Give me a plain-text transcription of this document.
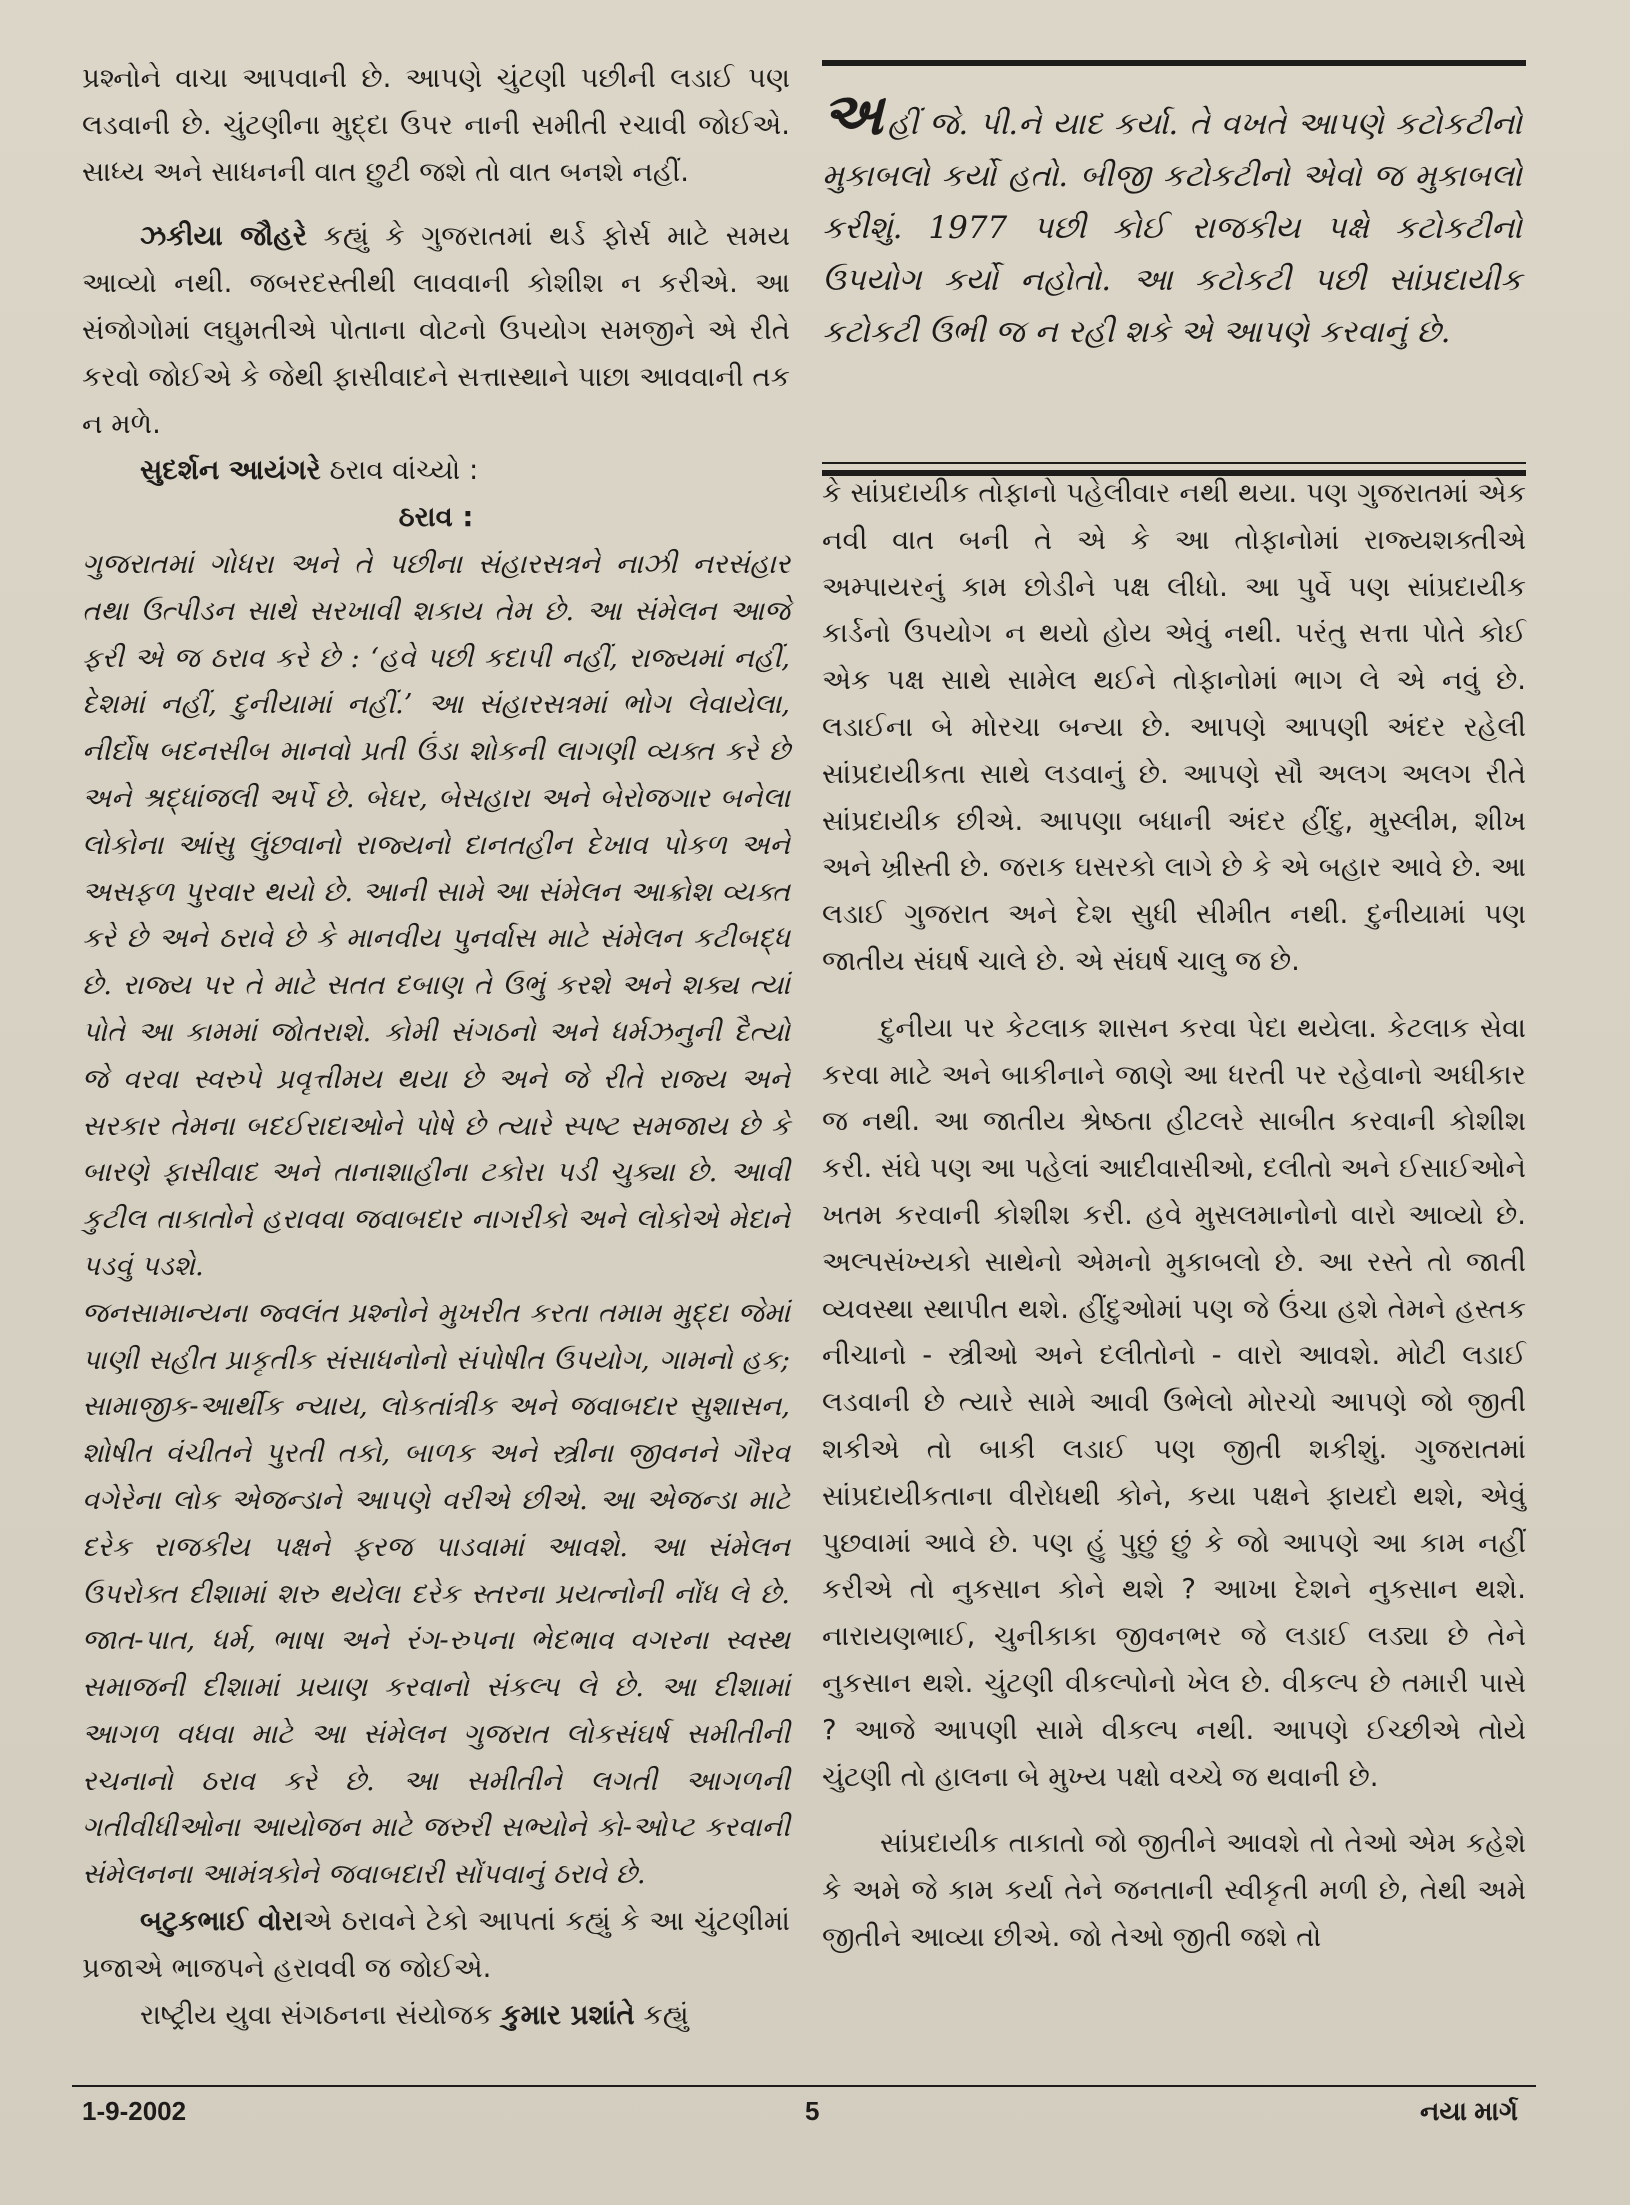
પ્રશ્નોને વાચા આપવાની છે. આપણે ચુંટણી પછીની લડાઈ પણ લડવાની છે. ચુંટણીના મુદ્દા ઉપર નાની સમીતી રચાવી જોઈએ. સાધ્ય અને સાધનની વાત છુટી જશે તો વાત બનશે નહીં.

ઝકીયા જૌહરે કહ્યું કે ગુજરાતમાં થર્ડ ફોર્સ માટે સમય આવ્યો નથી. જબરદસ્તીથી લાવવાની કોશીશ ન કરીએ. આ સંજોગોમાં લઘુમતીએ પોતાના વોટનો ઉપયોગ સમજીને એ રીતે કરવો જોઈએ કે જેથી ફાસીવાદને સત્તાસ્થાને પાછા આવવાની તક ન મળે.

સુદર્શન આયંગરે ઠરાવ વાંચ્યો :

ઠરાવ :

ગુજરાતમાં ગોધરા અને તે પછીના સંહારસત્રને નાઝી નરસંહાર તથા ઉત્પીડન સાથે સરખાવી શકાય તેમ છે. આ સંમેલન આજે ફરી એ જ ઠરાવ કરે છે : ‘હવે પછી કદાપી નહીં, રાજ્યમાં નહીં, દેશમાં નહીં, દુનીયામાં નહીં.’ આ સંહારસત્રમાં ભોગ લેવાયેલા, નીર્દોષ બદનસીબ માનવો પ્રતી ઉંડા શોકની લાગણી વ્યક્ત કરે છે અને શ્રદ્ધાંજલી અર્પે છે. બેઘર, બેસહારા અને બેરોજગાર બનેલા લોકોના આંસુ લુંછવાનો રાજ્યનો દાનતહીન દેખાવ પોકળ અને અસફળ પુરવાર થયો છે. આની સામે આ સંમેલન આક્રોશ વ્યક્ત કરે છે અને ઠરાવે છે કે માનવીય પુનર્વાસ માટે સંમેલન કટીબદ્ધ છે. રાજ્ય પર તે માટે સતત દબાણ તે ઉભું કરશે અને શક્ય ત્યાં પોતે આ કામમાં જોતરાશે. કોમી સંગઠનો અને ધર્મઝનુની દૈત્યો જે વરવા સ્વરુપે પ્રવૃત્તીમય થયા છે અને જે રીતે રાજ્ય અને સરકાર તેમના બદઈરાદાઓને પોષે છે ત્યારે સ્પષ્ટ સમજાય છે કે બારણે ફાસીવાદ અને તાનાશાહીના ટકોરા પડી ચુક્યા છે. આવી કુટીલ તાકાતોને હરાવવા જવાબદાર નાગરીકો અને લોકોએ મેદાને પડવું પડશે.

જનસામાન્યના જ્વલંત પ્રશ્નોને મુખરીત કરતા તમામ મુદ્દા જેમાં પાણી સહીત પ્રાકૃતીક સંસાધનોનો સંપોષીત ઉપયોગ, ગામનો હક; સામાજીક-આર્થીક ન્યાય, લોકતાંત્રીક અને જવાબદાર સુશાસન, શોષીત વંચીતને પુરતી તકો, બાળક અને સ્ત્રીના જીવનને ગૌરવ વગેરેના લોક એજન્ડાને આપણે વરીએ છીએ. આ એજન્ડા માટે દરેક રાજકીય પક્ષને ફરજ પાડવામાં આવશે. આ સંમેલન ઉપરોક્ત દીશામાં શરુ થયેલા દરેક સ્તરના પ્રયત્નોની નોંધ લે છે. જાત-પાત, ધર્મ, ભાષા અને રંગ-રુપના ભેદભાવ વગરના સ્વસ્થ સમાજની દીશામાં પ્રયાણ કરવાનો સંકલ્પ લે છે. આ દીશામાં આગળ વધવા માટે આ સંમેલન ગુજરાત લોકસંઘર્ષ સમીતીની રચનાનો ઠરાવ કરે છે. આ સમીતીને લગતી આગળની ગતીવીધીઓના આયોજન માટે જરુરી સભ્યોને કો-ઓપ્ટ કરવાની સંમેલનના આમંત્રકોને જવાબદારી સોંપવાનું ઠરાવે છે.

બટુકભાઈ વોરાએ ઠરાવને ટેકો આપતાં કહ્યું કે આ ચુંટણીમાં પ્રજાએ ભાજપને હરાવવી જ જોઈએ.

રાષ્ટ્રીય યુવા સંગઠનના સંયોજક કુમાર પ્રશાંતે કહ્યું

અહીં જે. પી.ને યાદ કર્યા. તે વખતે આપણે કટોકટીનો મુકાબલો કર્યો હતો. બીજી કટોકટીનો એવો જ મુકાબલો કરીશું. 1977 પછી કોઈ રાજકીય પક્ષે કટોકટીનો ઉપયોગ કર્યો નહોતો. આ કટોકટી પછી સાંપ્રદાયીક કટોકટી ઉભી જ ન રહી શકે એ આપણે કરવાનું છે.

કે સાંપ્રદાયીક તોફાનો પહેલીવાર નથી થયા. પણ ગુજરાતમાં એક નવી વાત બની તે એ કે આ તોફાનોમાં રાજ્યશક્તીએ અમ્પાયરનું કામ છોડીને પક્ષ લીધો. આ પુર્વે પણ સાંપ્રદાયીક કાર્ડનો ઉપયોગ ન થયો હોય એવું નથી. પરંતુ સત્તા પોતે કોઈ એક પક્ષ સાથે સામેલ થઈને તોફાનોમાં ભાગ લે એ નવું છે. લડાઈના બે મોરચા બન્યા છે. આપણે આપણી અંદર રહેલી સાંપ્રદાયીકતા સાથે લડવાનું છે. આપણે સૌ અલગ અલગ રીતે સાંપ્રદાયીક છીએ. આપણા બધાની અંદર હીંદુ, મુસ્લીમ, શીખ અને ખ્રીસ્તી છે. જરાક ઘસરકો લાગે છે કે એ બહાર આવે છે. આ લડાઈ ગુજરાત અને દેશ સુધી સીમીત નથી. દુનીયામાં પણ જાતીય સંઘર્ષ ચાલે છે. એ સંઘર્ષ ચાલુ જ છે.

દુનીયા પર કેટલાક શાસન કરવા પેદા થયેલા. કેટલાક સેવા કરવા માટે અને બાકીનાને જાણે આ ધરતી પર રહેવાનો અધીકાર જ નથી. આ જાતીય શ્રેષ્ઠતા હીટલરે સાબીત કરવાની કોશીશ કરી. સંઘે પણ આ પહેલાં આદીવાસીઓ, દલીતો અને ઈસાઈઓને ખતમ કરવાની કોશીશ કરી. હવે મુસલમાનોનો વારો આવ્યો છે. અલ્પસંખ્યકો સાથેનો એમનો મુકાબલો છે. આ રસ્તે તો જાતી વ્યવસ્થા સ્થાપીત થશે. હીંદુઓમાં પણ જે ઉંચા હશે તેમને હસ્તક નીચાનો - સ્ત્રીઓ અને દલીતોનો - વારો આવશે. મોટી લડાઈ લડવાની છે ત્યારે સામે આવી ઉભેલો મોરચો આપણે જો જીતી શકીએ તો બાકી લડાઈ પણ જીતી શકીશું. ગુજરાતમાં સાંપ્રદાયીકતાના વીરોધથી કોને, કયા પક્ષને ફાયદો થશે, એવું પુછવામાં આવે છે. પણ હું પુછું છું કે જો આપણે આ કામ નહીં કરીએ તો નુકસાન કોને થશે ? આખા દેશને નુકસાન થશે. નારાયણભાઈ, ચુનીકાકા જીવનભર જે લડાઈ લડ્યા છે તેને નુકસાન થશે. ચુંટણી વીકલ્પોનો ખેલ છે. વીકલ્પ છે તમારી પાસે ? આજે આપણી સામે વીકલ્પ નથી. આપણે ઈચ્છીએ તોયે ચુંટણી તો હાલના બે મુખ્ય પક્ષો વચ્ચે જ થવાની છે.

સાંપ્રદાયીક તાકાતો જો જીતીને આવશે તો તેઓ એમ કહેશે કે અમે જે કામ કર્યા તેને જનતાની સ્વીકૃતી મળી છે, તેથી અમે જીતીને આવ્યા છીએ. જો તેઓ જીતી જશે તો

1-9-2002	5	નયા માર્ગ
